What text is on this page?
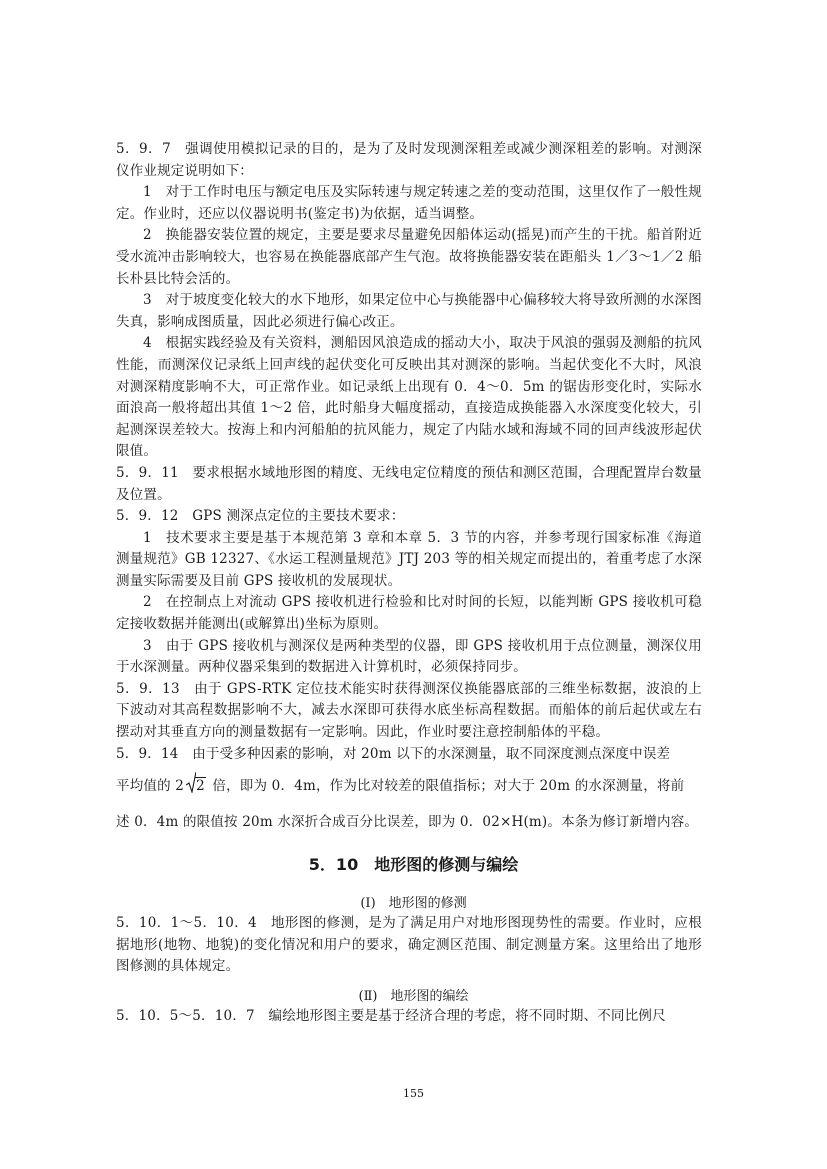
5．9．7　强调使用模拟记录的目的，是为了及时发现测深粗差或减少测深粗差的影响。对测深仪作业规定说明如下：

1　对于工作时电压与额定电压及实际转速与规定转速之差的变动范围，这里仅作了一般性规定。作业时，还应以仪器说明书(鉴定书)为依据，适当调整。

2　换能器安装位置的规定，主要是要求尽量避免因船体运动(摇晃)而产生的干扰。船首附近受水流冲击影响较大，也容易在换能器底部产生气泡。故将换能器安装在距船头 1／3～1／2 船长朴县比特会活的。

3　对于坡度变化较大的水下地形，如果定位中心与换能器中心偏移较大将导致所测的水深图失真，影响成图质量，因此必须进行偏心改正。

4　根据实践经验及有关资料，测船因风浪造成的摇动大小，取决于风浪的强弱及测船的抗风性能，而测深仪记录纸上回声线的起伏变化可反映出其对测深的影响。当起伏变化不大时，风浪对测深精度影响不大，可正常作业。如记录纸上出现有 0．4～0．5m 的锯齿形变化时，实际水面浪高一般将超出其值 1～2 倍，此时船身大幅度摇动，直接造成换能器入水深度变化较大，引起测深误差较大。按海上和内河船舶的抗风能力，规定了内陆水域和海域不同的回声线波形起伏限值。

5．9．11　要求根据水域地形图的精度、无线电定位精度的预估和测区范围，合理配置岸台数量及位置。

5．9．12　GPS 测深点定位的主要技术要求：

1　技术要求主要是基于本规范第 3 章和本章 5．3 节的内容，并参考现行国家标准《海道测量规范》GB 12327、《水运工程测量规范》JTJ 203 等的相关规定而提出的，着重考虑了水深测量实际需要及目前 GPS 接收机的发展现状。

2　在控制点上对流动 GPS 接收机进行检验和比对时间的长短，以能判断 GPS 接收机可稳定接收数据并能测出(或解算出)坐标为原则。

3　由于 GPS 接收机与测深仪是两种类型的仪器，即 GPS 接收机用于点位测量，测深仪用于水深测量。两种仪器采集到的数据进入计算机时，必须保持同步。

5．9．13　由于 GPS-RTK 定位技术能实时获得测深仪换能器底部的三维坐标数据，波浪的上下波动对其高程数据影响不大，减去水深即可获得水底坐标高程数据。而船体的前后起伏或左右摆动对其垂直方向的测量数据有一定影响。因此，作业时要注意控制船体的平稳。

5．9．14　由于受多种因素的影响，对 20m 以下的水深测量，取不同深度测点深度中误差

平均值的 2 2 倍，即为 0．4m，作为比对较差的限值指标；对大于 20m 的水深测量，将前

述 0．4m 的限值按 20m 水深折合成百分比误差，即为 0．02×H(m)。本条为修订新增内容。

5．10　地形图的修测与编绘

(Ⅰ)　地形图的修测

5．10．1～5．10．4　地形图的修测，是为了满足用户对地形图现势性的需要。作业时，应根据地形(地物、地貌)的变化情况和用户的要求，确定测区范围、制定测量方案。这里给出了地形图修测的具体规定。

(Ⅱ)　地形图的编绘

5．10．5～5．10．7　编绘地形图主要是基于经济合理的考虑，将不同时期、不同比例尺

155
